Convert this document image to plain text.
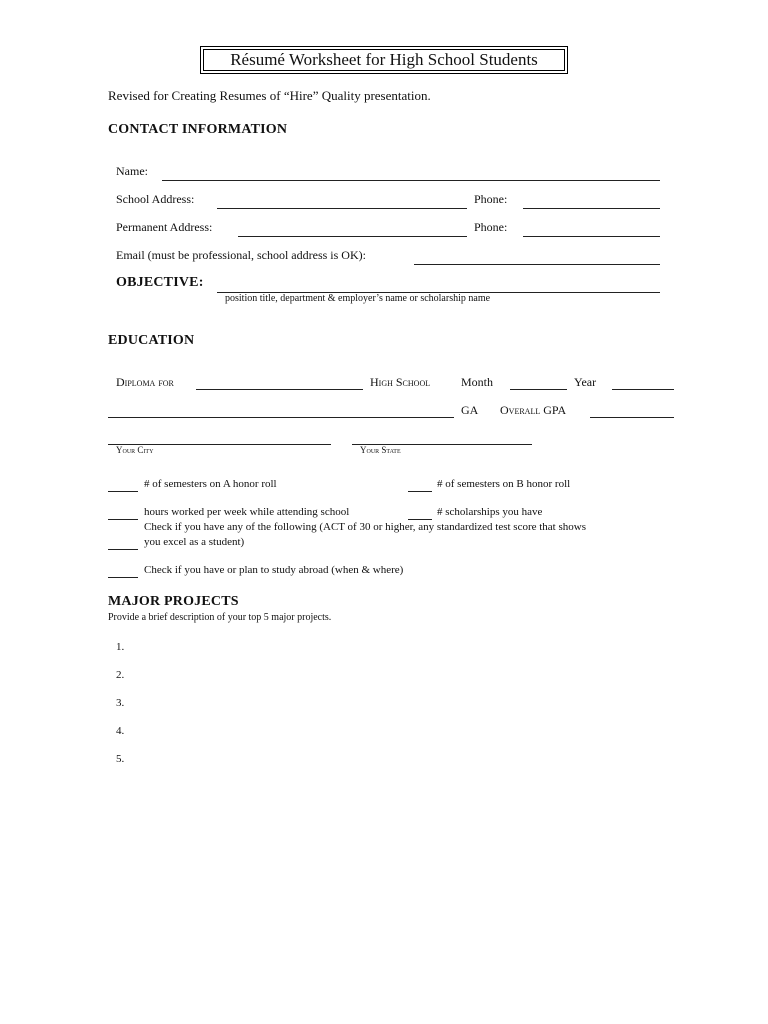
Résumé Worksheet for High School Students
Revised for Creating Resumes of “Hire” Quality presentation.
CONTACT INFORMATION
Name:
School Address:	Phone:
Permanent Address:	Phone:
Email (must be professional, school address is OK):
OBJECTIVE:
position title, department & employer’s name or scholarship name
EDUCATION
Diploma for	High School	Month	Year
GA Overall GPA
Your City	Your State
# of semesters on A honor roll	# of semesters on B honor roll
hours worked per week while attending school	# scholarships you have
Check if you have any of the following (ACT of 30 or higher, any standardized test score that shows
you excel as a student)
Check if you have or plan to study abroad (when & where)
MAJOR PROJECTS
Provide a brief description of your top 5 major projects.
1.
2.
3.
4.
5.
